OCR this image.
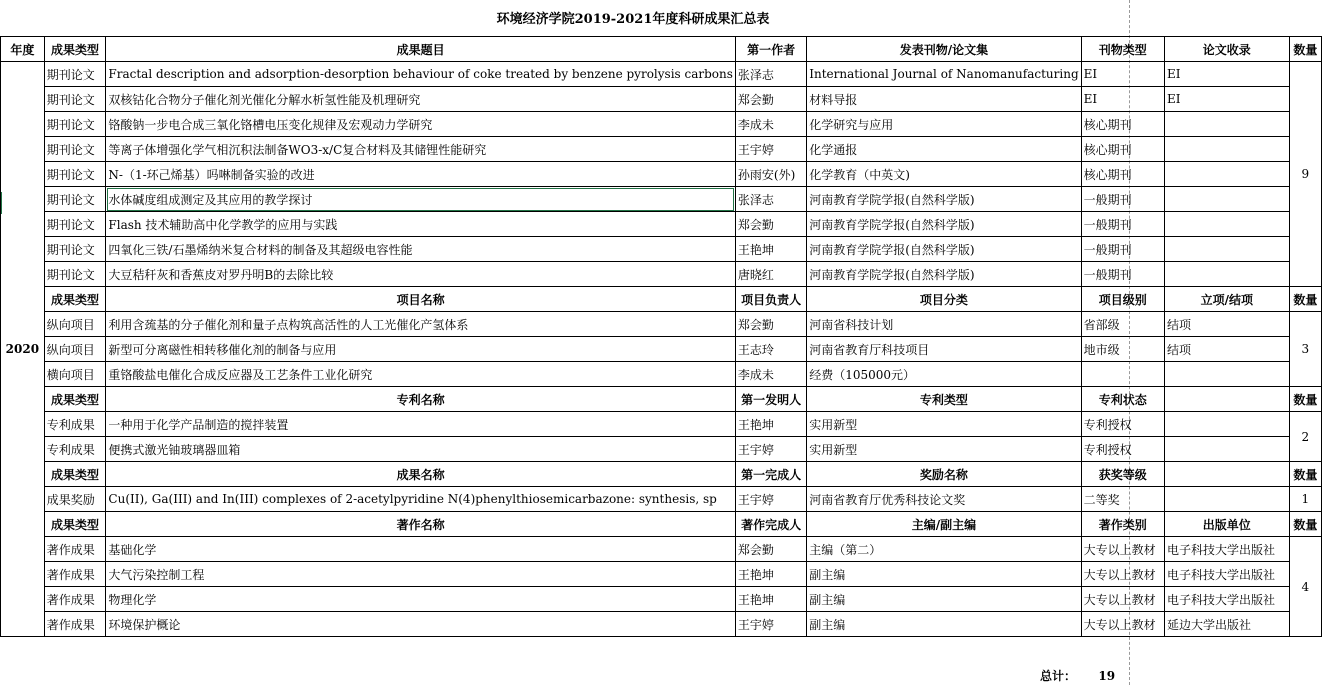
环境经济学院2019-2021年度科研成果汇总表
年度	成果类型	成果题目	第一作者	发表刊物/论文集	刊物类型	论文收录	数量
2020	期刊论文	Fractal description and adsorption-desorption behaviour of coke treated by benzene pyrolysis carbons	张泽志	International Journal of Nanomanufacturing	EI	EI	9
	期刊论文	双核钴化合物分子催化剂光催化分解水析氢性能及机理研究	郑会勤	材料导报	EI	EI	
	期刊论文	铬酸钠一步电合成三氧化铬槽电压变化规律及宏观动力学研究	李成未	化学研究与应用	核心期刊		
	期刊论文	等离子体增强化学气相沉积法制备WO3-x/C复合材料及其储锂性能研究	王宇婷	化学通报	核心期刊		
	期刊论文	N-（1-环己烯基）吗啉制备实验的改进	孙雨安(外)	化学教育（中英文)	核心期刊		
	期刊论文	水体碱度组成测定及其应用的教学探讨	张泽志	河南教育学院学报(自然科学版)	一般期刊		
	期刊论文	Flash 技术辅助高中化学教学的应用与实践	郑会勤	河南教育学院学报(自然科学版)	一般期刊		
	期刊论文	四氧化三铁/石墨烯纳米复合材料的制备及其超级电容性能	王艳坤	河南教育学院学报(自然科学版)	一般期刊		
	期刊论文	大豆秸秆灰和香蕉皮对罗丹明B的去除比较	唐晓红	河南教育学院学报(自然科学版)	一般期刊		
	成果类型	项目名称	项目负责人	项目分类	项目级别	立项/结项	数量
	纵向项目	利用含巯基的分子催化剂和量子点构筑高活性的人工光催化产氢体系	郑会勤	河南省科技计划	省部级	结项	3
	纵向项目	新型可分离磁性相转移催化剂的制备与应用	王志玲	河南省教育厅科技项目	地市级	结项	
	横向项目	重铬酸盐电催化合成反应器及工艺条件工业化研究	李成未	经费（105000元）			
	成果类型	专利名称	第一发明人	专利类型	专利状态		数量
	专利成果	一种用于化学产品制造的搅拌装置	王艳坤	实用新型	专利授权		2
	专利成果	便携式激光铀玻璃器皿箱	王宇婷	实用新型	专利授权		
	成果类型	成果名称	第一完成人	奖励名称	获奖等级		数量
	成果奖励	Cu(II), Ga(III) and In(III) complexes of 2-acetylpyridine N(4)phenylthiosemicarbazone: synthesis, sp	王宇婷	河南省教育厅优秀科技论文奖	二等奖		1
	成果类型	著作名称	著作完成人	主编/副主编	著作类别	出版单位	数量
	著作成果	基础化学	郑会勤	主编（第二）	大专以上教材	电子科技大学出版社	4
	著作成果	大气污染控制工程	王艳坤	副主编	大专以上教材	电子科技大学出版社	
	著作成果	物理化学	王艳坤	副主编	大专以上教材	电子科技大学出版社	
	著作成果	环境保护概论	王宇婷	副主编	大专以上教材	延边大学出版社	
总计： 19
